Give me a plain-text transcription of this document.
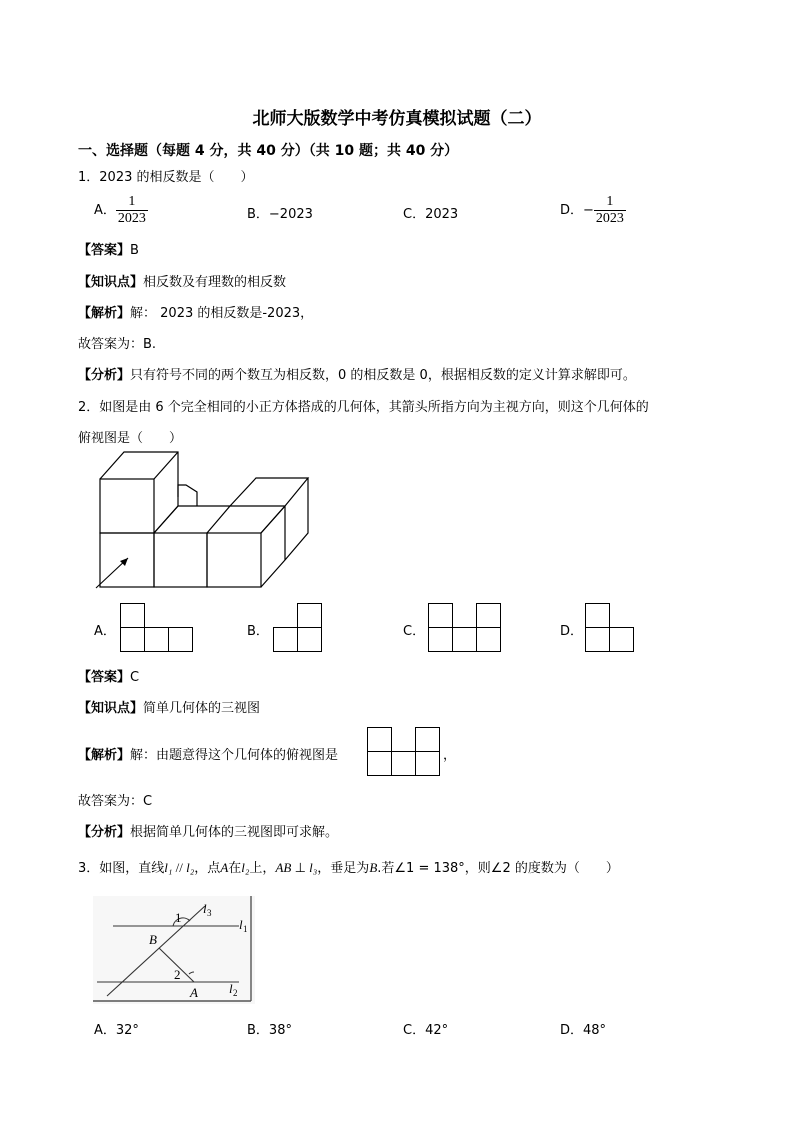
北师大版数学中考仿真模拟试题（二）
一、选择题（每题 4 分，共 40 分）（共 10 题；共 40 分）
1．2023 的相反数是（　　）
A． $\frac{1}{2023}$	B．−2023	C．2023	D．− $\frac{1}{2023}$
【答案】B
【知识点】相反数及有理数的相反数
【解析】解： 2023 的相反数是-2023，
故答案为：B.
【分析】只有符号不同的两个数互为相反数，0 的相反数是 0，根据相反数的定义计算求解即可。
2．如图是由 6 个完全相同的小正方体搭成的几何体，其箭头所指方向为主视方向，则这个几何体的
俯视图是（　　）
A．	B．	C．	D．
【答案】C
【知识点】简单几何体的三视图
【解析】解：由题意得这个几何体的俯视图是	，
故答案为：C
【分析】根据简单几何体的三视图即可求解。
3．如图，直线l₁ // l₂，点A在l₂上，AB ⊥ l₃，垂足为B.若∠1 = 138°，则∠2 的度数为（　　）
1
2
B
A
l 3
l 1
l 2
A．32°	B．38°	C．42°	D．48°
